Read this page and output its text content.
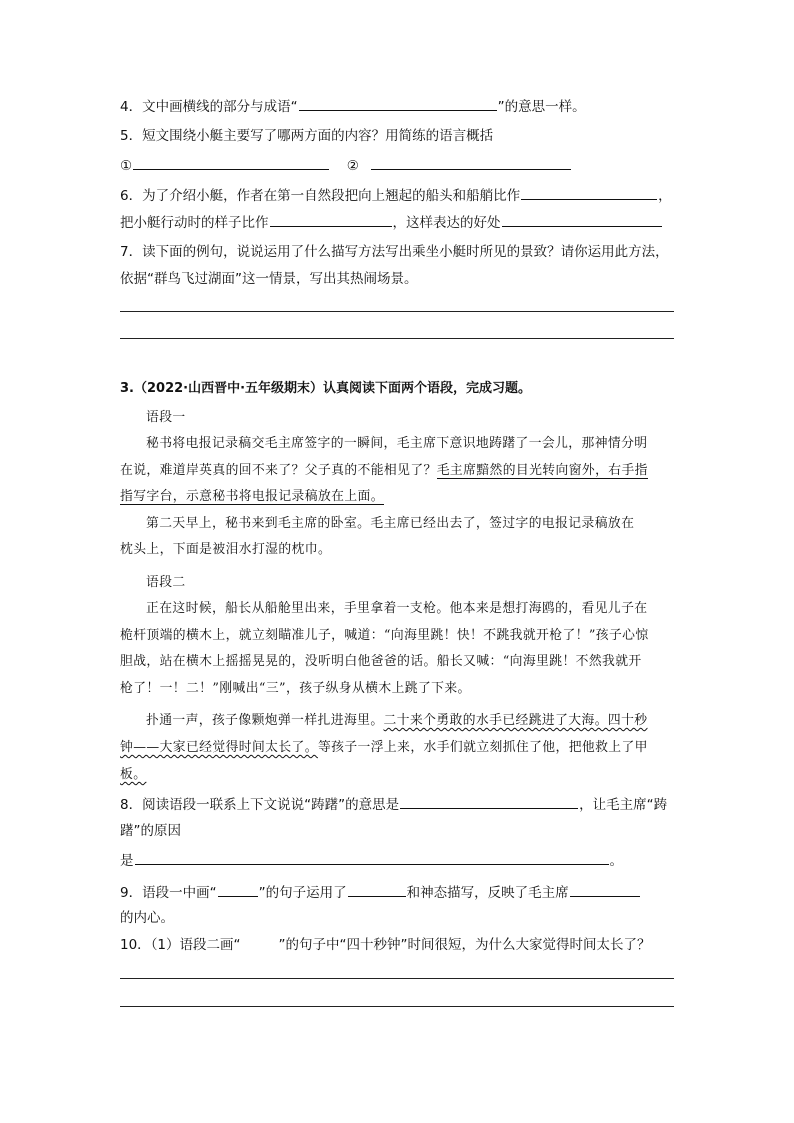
4．文中画横线的部分与成语“	”的意思一样。
5．短文围绕小艇主要写了哪两方面的内容？用简练的语言概括
①	②
6．为了介绍小艇，作者在第一自然段把向上翘起的船头和船艄比作	，
把小艇行动时的样子比作	，这样表达的好处
7．读下面的例句，说说运用了什么描写方法写出乘坐小艇时所见的景致？请你运用此方法，
依据“群鸟飞过湖面”这一情景，写出其热闹场景。
3.（2022·山西晋中·五年级期末）认真阅读下面两个语段，完成习题。
语段一
秘书将电报记录稿交毛主席签字的一瞬间，毛主席下意识地踌躇了一会儿，那神情分明
在说，难道岸英真的回不来了？父子真的不能相见了？毛主席黯然的目光转向窗外，右手指
指写字台，示意秘书将电报记录稿放在上面。
第二天早上，秘书来到毛主席的卧室。毛主席已经出去了，签过字的电报记录稿放在
枕头上，下面是被泪水打湿的枕巾。
语段二
正在这时候，船长从船舱里出来，手里拿着一支枪。他本来是想打海鸥的，看见儿子在
桅杆顶端的横木上，就立刻瞄准儿子，喊道：“向海里跳！快！不跳我就开枪了！”孩子心惊
胆战，站在横木上摇摇晃晃的，没听明白他爸爸的话。船长又喊：“向海里跳！不然我就开
枪了！一！二！”刚喊出“三”，孩子纵身从横木上跳了下来。
扑通一声，孩子像颗炮弹一样扎进海里。二十来个勇敢的水手已经跳进了大海。四十秒
钟——大家已经觉得时间太长了。等孩子一浮上来，水手们就立刻抓住了他，把他救上了甲
板。
8．阅读语段一联系上下文说说“踌躇”的意思是	，让毛主席“踌
躇”的原因
是	。
9．语段一中画“	”的句子运用了	和神态描写，反映了毛主席
的内心。
10．（1）语段二画“	”的句子中“四十秒钟”时间很短，为什么大家觉得时间太长了？
